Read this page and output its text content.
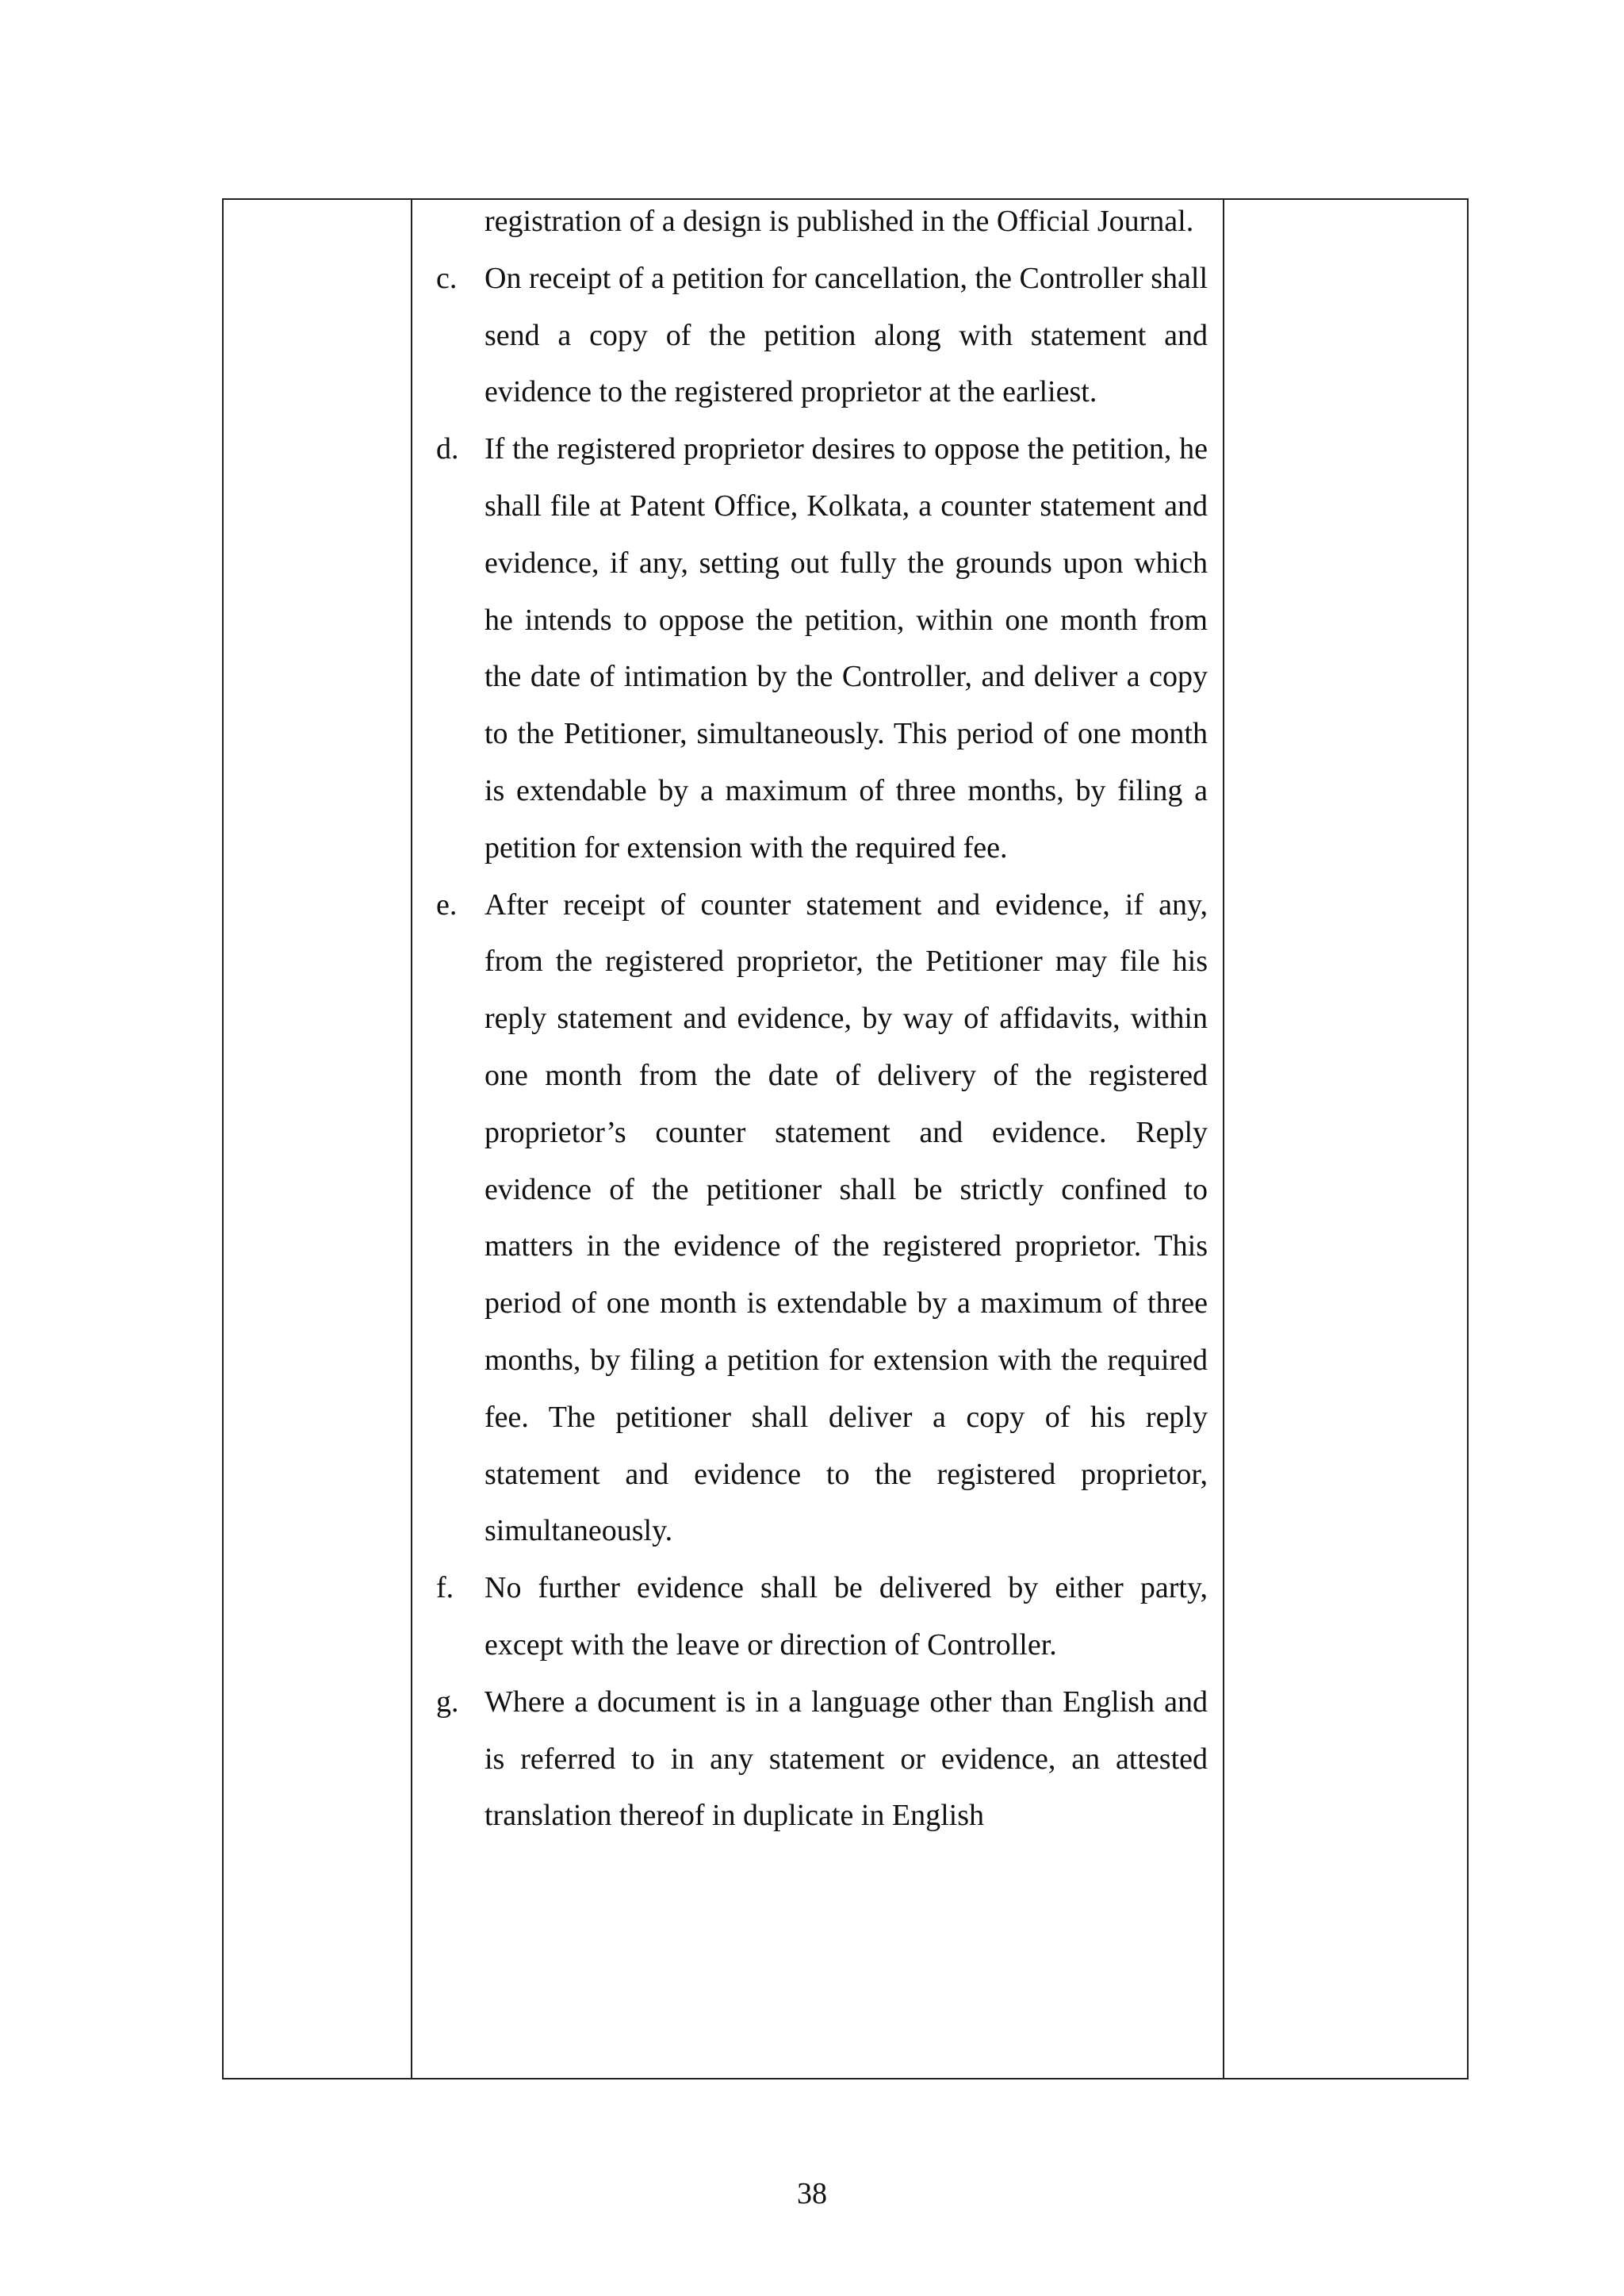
registration of a design is published in the Official Journal.
c. On receipt of a petition for cancellation, the Controller shall send a copy of the petition along with statement and evidence to the registered proprietor at the earliest.
d. If the registered proprietor desires to oppose the petition, he shall file at Patent Office, Kolkata, a counter statement and evidence, if any, setting out fully the grounds upon which he intends to oppose the petition, within one month from the date of intimation by the Controller, and deliver a copy to the Petitioner, simultaneously. This period of one month is extendable by a maximum of three months, by filing a petition for extension with the required fee.
e. After receipt of counter statement and evidence, if any, from the registered proprietor, the Petitioner may file his reply statement and evidence, by way of affidavits, within one month from the date of delivery of the registered proprietor’s counter statement and evidence. Reply evidence of the petitioner shall be strictly confined to matters in the evidence of the registered proprietor. This period of one month is extendable by a maximum of three months, by filing a petition for extension with the required fee. The petitioner shall deliver a copy of his reply statement and evidence to the registered proprietor, simultaneously.
f. No further evidence shall be delivered by either party, except with the leave or direction of Controller.
g. Where a document is in a language other than English and is referred to in any statement or evidence, an attested translation thereof in duplicate in English
38
